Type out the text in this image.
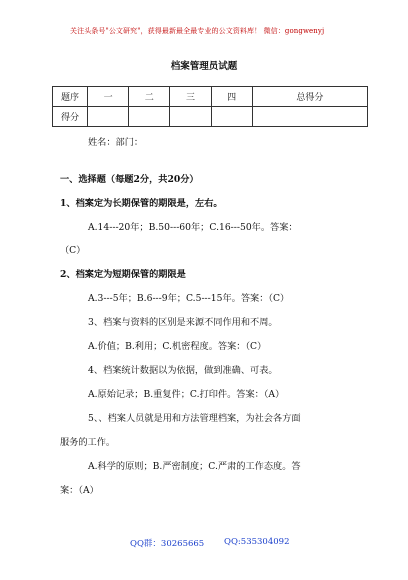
关注头条号"公文研究"，获得最新最全最专业的公文资料库！ 微信：gongwenyj
档案管理员试题
题序	一	二	三	四	总得分
得分					
姓名：部门：
一、选择题（每题2分，共20分）
1、档案定为长期保管的期限是，左右。
A.14---20年；B.50---60年；C.16---50年。答案：
（C）
2、档案定为短期保管的期限是
A.3---5年；B.6---9年；C.5---15年。答案：（C）
3、档案与资料的区别是来源不同作用和不周。
A.价值；B.利用；C.机密程度。答案：（C）
4、档案统计数据以为依据，做到准确、可表。
A.原始记录；B.重复件；C.打印件。答案：（A）
5、、档案人员就是用和方法管理档案，为社会各方面
服务的工作。
A.科学的原则；B.严密制度；C.严肃的工作态度。答
案：（A）
QQ群：30265665 QQ:535304092
